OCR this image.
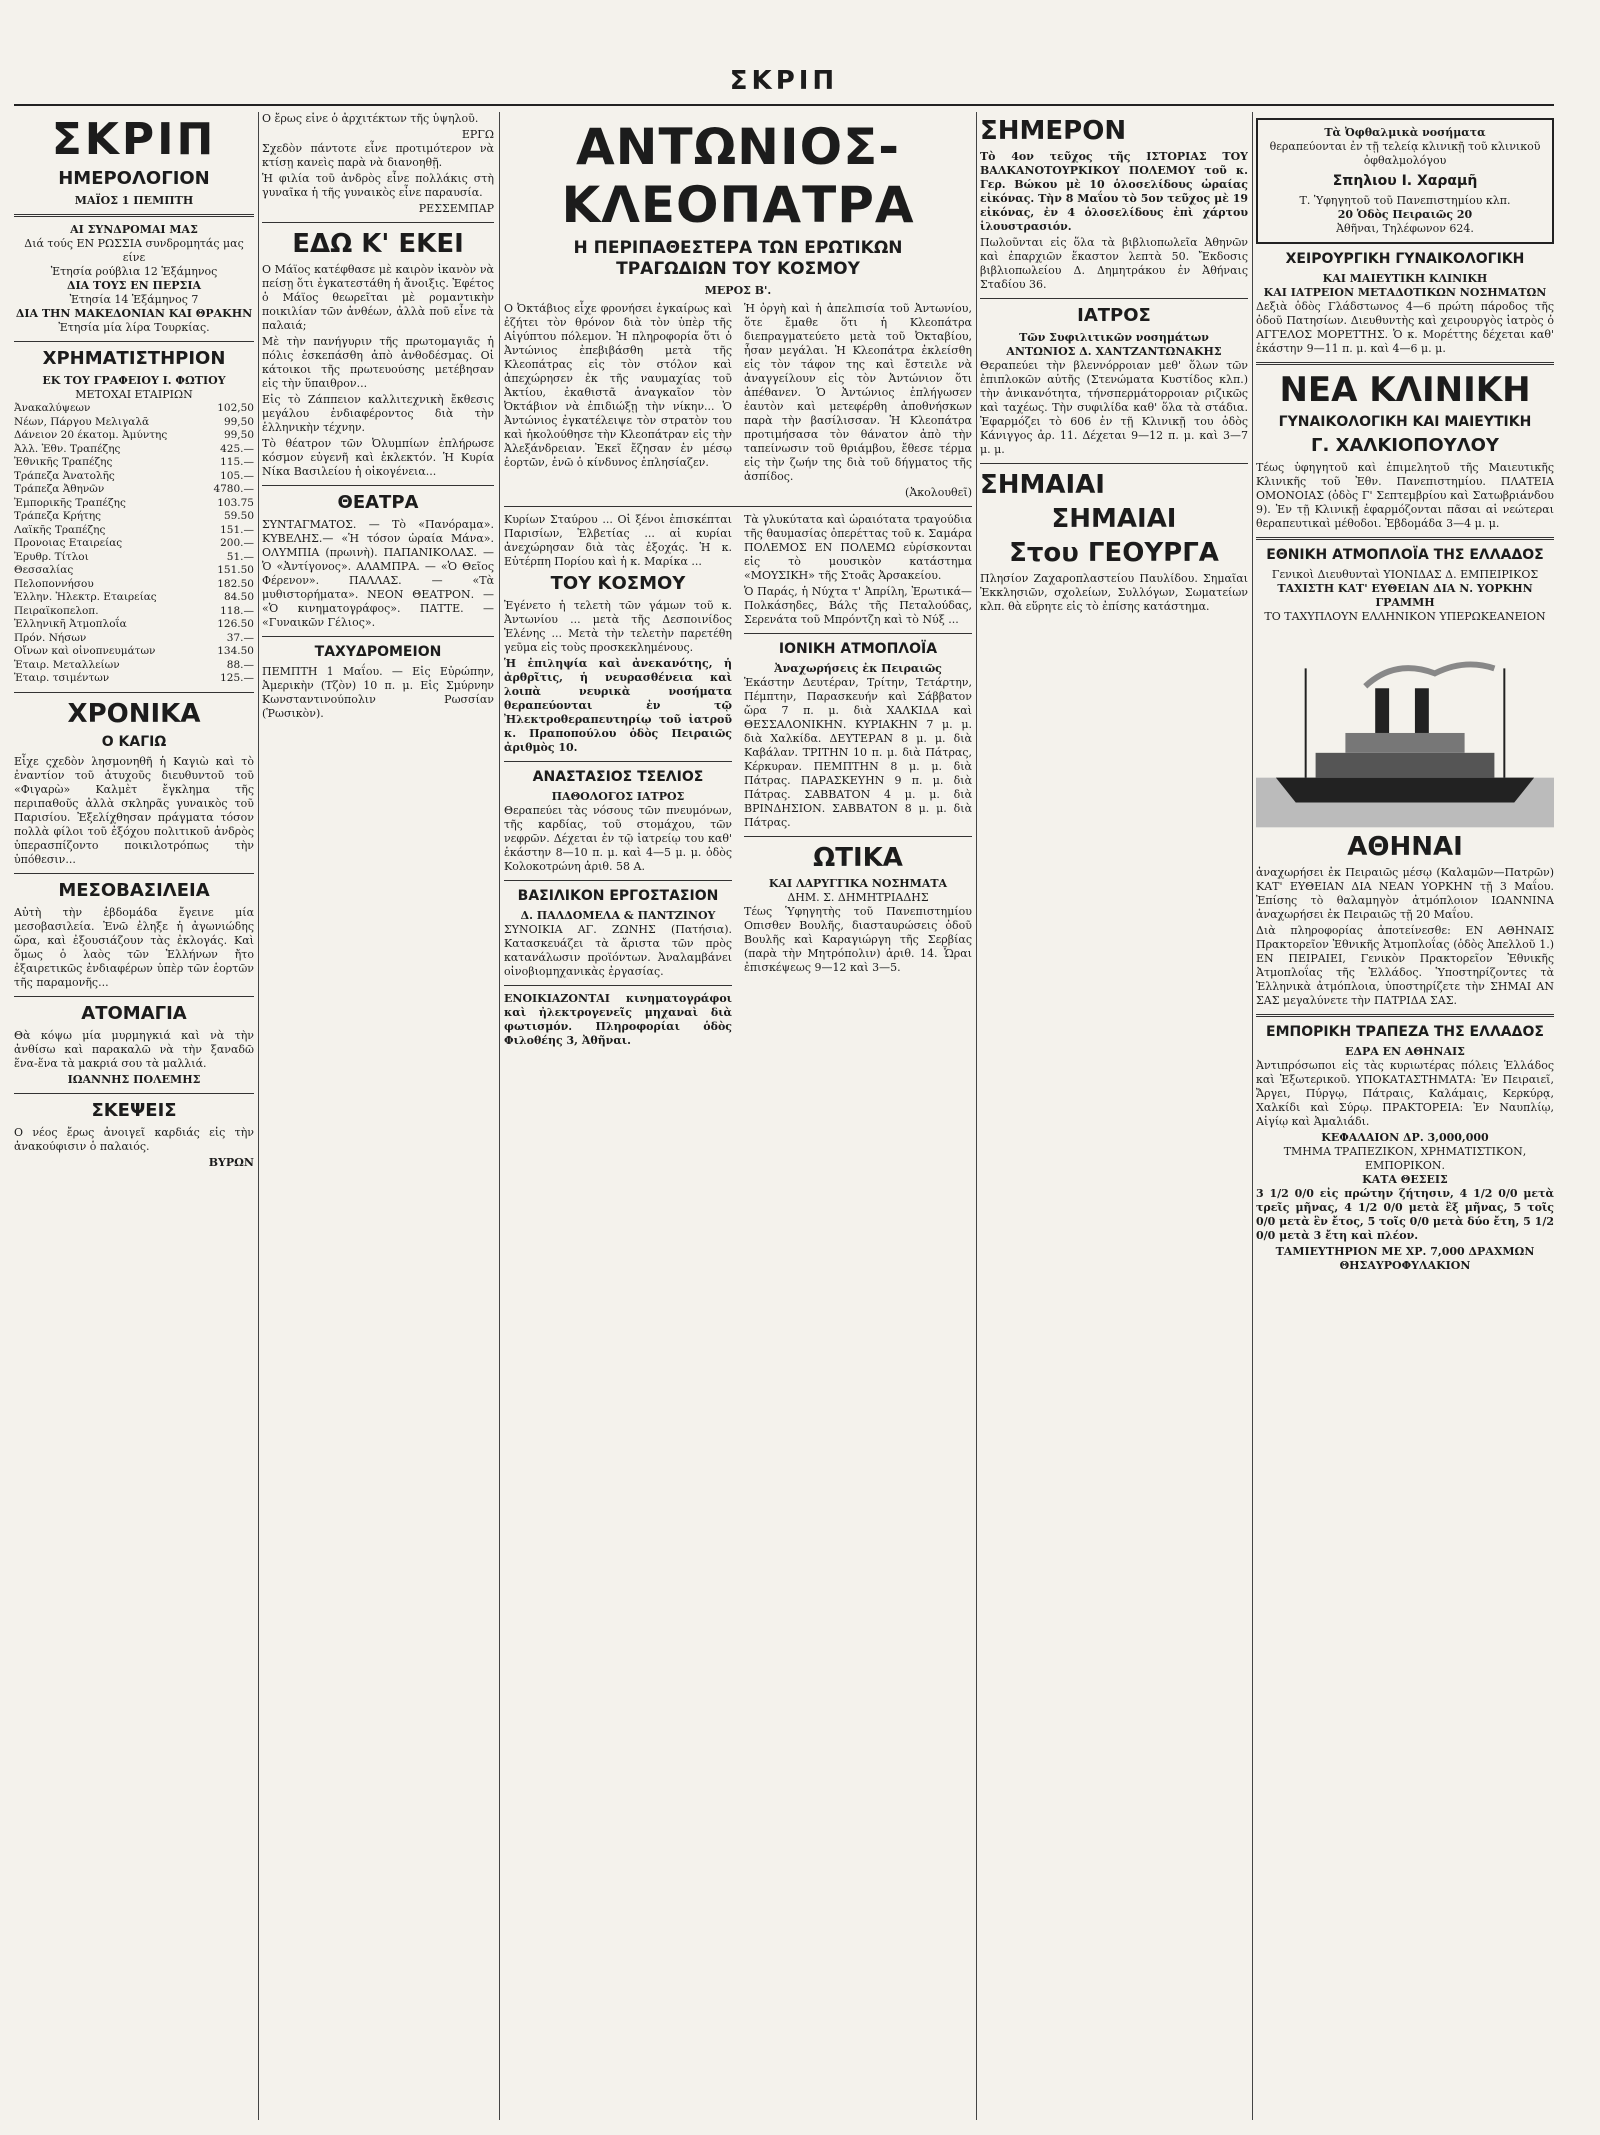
ΣΚΡΙΠ
ΣΚΡΙΠ
ΗΜΕΡΟΛΟΓΙΟΝ
ΜΑΪΟΣ 1 ΠΕΜΠΤΗ
ΑΙ ΣΥΝΔΡΟΜΑΙ ΜΑΣ
Διά τούς ΕΝ ΡΩΣΣΙΑ συνδρομητάς μας είνε
Ἐτησία ρούβλια 12 Ἑξάμηνος
ΔΙΑ ΤΟΥΣ ΕΝ ΠΕΡΣΙΑ
Ἐτησία 14 Ἑξάμηνος 7
ΔΙΑ ΤΗΝ ΜΑΚΕΔΟΝΙΑΝ ΚΑΙ ΘΡΑΚΗΝ
Ἐτησία μία λίρα Τουρκίας.
ΧΡΗΜΑΤΙΣΤΗΡΙΟΝ
ΕΚ ΤΟΥ ΓΡΑΦΕΙΟΥ Ι. ΦΩΤΙΟΥ
ΜΕΤΟΧΑΙ ΕΤΑΙΡΙΩΝ
Ἀνακαλύψεων	102,50
Νέων, Πάργου Μελιγαλᾶ	99,50
Δάνειον 20 έκατομ. Ἀμύντης	99,50
Ἀλλ. Ἐθν. Τραπέζης	425.—
Ἐθνικῆς Τραπέζης	115.—
Τράπεζα Ἀνατολῆς	105.—
Τράπεζα Ἀθηνῶν	4780.—
Ἐμπορικῆς Τραπέζης	103.75
Τράπεζα Κρήτης	59.50
Λαϊκῆς Τραπέζης	151.—
Προνοιας Εταιρείας	200.—
Ἐρυθρ. Τίτλοι	51.—
Θεσσαλίας	151.50
Πελοποννήσου	182.50
Ἑλλην. Ἠλεκτρ. Εταιρείας	84.50
Πειραϊκοπελοπ.	118.—
Ἑλληνικῆ Ἀτμοπλοΐα	126.50
Πρόν. Νήσων	37.—
Οἴνων καὶ οἰνοπνευμάτων	134.50
Ἑταιρ. Μεταλλείων	88.—
Ἑταιρ. τσιμέντων	125.—
ΧΡΟΝΙΚΑ
Ο ΚΑΓΙΩ

Εἶχε ςχεδὸν λησμονηθῆ ἡ Καγιὼ καὶ τὸ ἐναντίον τοῦ ἀτυχοῦς διευθυντοῦ τοῦ «Φιγαρὼ» Καλμὲτ ἔγκλημα τῆς περιπαθοῦς ἀλλὰ σκληρᾶς γυναικὸς τοῦ Παρισίου. Ἐξελίχθησαν πράγματα τόσον πολλὰ φίλοι τοῦ ἐξόχου πολιτικοῦ ἀνδρὸς ὑπερασπίζοντο ποικιλοτρόπως τὴν ὑπόθεσιν...

ΜΕΣΟΒΑΣΙΛΕΙΑ

Αὐτὴ τὴν ἑβδομάδα ἔγεινε μία μεσοβασιλεία. Ἐνῶ ἐληξε ἡ ἀγωνιώδης ὥρα, καὶ ἐξουσιάζουν τὰς ἐκλογάς. Καὶ ὅμως ὁ λαὸς τῶν Ἑλλήνων ἤτο ἐξαιρετικῶς ἐνδιαφέρων ὑπὲρ τῶν ἑορτῶν τῆς παραμονῆς...

ΑΤΟΜΑΓΙΑ

Θὰ κόψω μία μυρμηγκιά καὶ νὰ τὴν ἀνθίσω καὶ παρακαλῶ νὰ τὴν ξαναδῶ ἕνα-ἕνα τὰ μακριά σου τὰ μαλλιά.

ΙΩΑΝΝΗΣ ΠΟΛΕΜΗΣ
ΣΚΕΨΕΙΣ

Ο νέος ἔρως ἀνοιγεῖ καρδιάς εἰς τὴν ἀνακούφισιν ὁ παλαιός.

ΒΥΡΩΝ

Ο ἔρως εἶνε ὁ ἀρχιτέκτων τῆς ὑψηλοῦ.

ΕΡΓΩ

Σχεδὸν πάντοτε εἶνε προτιμότερον νὰ κτίσῃ κανεὶς παρὰ νὰ διανοηθῇ.

Ἡ φιλία τοῦ ἀνδρὸς εἶνε πολλάκις στὴ γυναῖκα ἡ τῆς γυναικὸς εἶνε παραυσία.

ΡΕΣΣΕΜΠΑΡ
ΕΔΩ Κ' ΕΚΕΙ

Ο Μάϊος κατέφθασε μὲ καιρὸν ἱκανὸν νὰ πείσῃ ὅτι ἐγκατεστάθη ἡ ἄνοιξις. Ἐφέτος ὁ Μάϊος θεωρεῖται μὲ ρομαντικὴν ποικιλίαν τῶν ἀνθέων, ἀλλὰ ποῦ εἶνε τὰ παλαιά;

Μὲ τὴν πανήγυριν τῆς πρωτομαγιᾶς ἡ πόλις ἐσκεπάσθη ἀπὸ ἀνθοδέσμας. Οἱ κάτοικοι τῆς πρωτευούσης μετέβησαν εἰς τὴν ὕπαιθρον...

Εἰς τὸ Ζάππειον καλλιτεχνικὴ ἔκθεσις μεγάλου ἐνδιαφέροντος διὰ τὴν ἑλληνικὴν τέχνην.

Τὸ θέατρον τῶν Ὀλυμπίων ἐπλήρωσε κόσμον εὐγενῆ καὶ ἐκλεκτόν. Ἡ Κυρία Νίκα Βασιλείου ἡ οἰκογένεια...

ΘΕΑΤΡΑ

ΣΥΝΤΑΓΜΑΤΟΣ. — Τὸ «Πανόραμα». ΚΥΒΕΛΗΣ.— «Ἡ τόσον ὠραία Μάνα». ΟΛΥΜΠΙΑ (πρωινὴ). ΠΑΠΑΝΙΚΟΛΑΣ. — Ὁ «Ἀντίγονος». ΑΛΑΜΠΡΑ. — «Ὁ Θεῖος Φέρενον». ΠΑΛΛΑΣ. — «Τὰ μυθιστορήματα». ΝΕΟΝ ΘΕΑΤΡΟΝ. — «Ὁ κινηματογράφος». ΠΑΤΤΕ. — «Γυναικῶν Γέλιος».

ΤΑΧΥΔΡΟΜΕΙΟΝ

ΠΕΜΠΤΗ 1 Μαΐου. — Εἰς Εὐρώπην, Ἀμερικὴν (Τζὸν) 10 π. μ. Εἰς Σμύρνην Κωνσταντινούπολιν Ρωσσίαν (Ῥωσικὸν).

ΑΝΤΩΝΙΟΣ-ΚΛΕΟΠΑΤΡΑ
Η ΠΕΡΙΠΑΘΕΣΤΕΡΑ ΤΩΝ ΕΡΩΤΙΚΩΝ
ΤΡΑΓΩΔΙΩΝ ΤΟΥ ΚΟΣΜΟΥ
ΜΕΡΟΣ Β'.

Ο Ὀκτάβιος εἶχε φρονήσει ἐγκαίρως καὶ ἐζήτει τὸν θρόνον διὰ τὸν ὑπὲρ τῆς Αἰγύπτου πόλεμον. Ἡ πληροφορία ὅτι ὁ Ἀντώνιος ἐπεβιβάσθη μετὰ τῆς Κλεοπάτρας εἰς τὸν στόλον καὶ ἀπεχώρησεν ἐκ τῆς ναυμαχίας τοῦ Ἀκτίου, ἐκαθιστᾶ ἀναγκαῖον τὸν Ὀκτάβιον νὰ ἐπιδιώξῃ τὴν νίκην... Ὁ Ἀντώνιος ἐγκατέλειψε τὸν στρατὸν του καὶ ἠκολούθησε τὴν Κλεοπάτραν εἰς τὴν Ἀλεξάνδρειαν. Ἐκεῖ ἔζησαν ἐν μέσῳ ἑορτῶν, ἐνῶ ὁ κίνδυνος ἐπλησίαζεν.

Ἡ ὀργὴ καὶ ἡ ἀπελπισία τοῦ Ἀντωνίου, ὅτε ἔμαθε ὅτι ἡ Κλεοπάτρα διεπραγματεύετο μετὰ τοῦ Ὀκταβίου, ἦσαν μεγάλαι. Ἡ Κλεοπάτρα ἐκλείσθη εἰς τὸν τάφον της καὶ ἔστειλε νὰ ἀναγγείλουν εἰς τὸν Ἀντώνιον ὅτι ἀπέθανεν. Ὁ Ἀντώνιος ἐπλήγωσεν ἑαυτὸν καὶ μετεφέρθη ἀποθνήσκων παρὰ τὴν βασίλισσαν. Ἡ Κλεοπάτρα προτιμήσασα τὸν θάνατον ἀπὸ τὴν ταπείνωσιν τοῦ θριάμβου, ἔθεσε τέρμα εἰς τὴν ζωήν της διὰ τοῦ δήγματος τῆς ἀσπίδος.

(Ἀκολουθεῖ)

Κυρίων Σταύρου ... Οἱ ξένοι ἐπισκέπται Παρισίων, Ἑλβετίας ... αἱ κυρίαι ἀνεχώρησαν διὰ τὰς ἐξοχάς. Ἡ κ. Εὐτέρπη Πορίου καὶ ἡ κ. Μαρίκα ...

ΤΟΥ ΚΟΣΜΟΥ

Ἐγένετο ἡ τελετὴ τῶν γάμων τοῦ κ. Ἀντωνίου ... μετὰ τῆς Δεσποινίδος Ἑλένης ... Μετὰ τὴν τελετὴν παρετέθη γεῦμα εἰς τοὺς προσκεκλημένους.

Ἡ ἐπιληψία καὶ ἀνεκανότης, ἡ ἀρθρῖτις, ἡ νευρασθένεια καὶ λοιπὰ νευρικὰ νοσήματα θεραπεύονται ἐν τῷ Ἠλεκτροθεραπευτηρίῳ τοῦ ἰατροῦ κ. Πραποπούλου ὁδὸς Πειραιῶς ἀριθμὸς 10.

ΑΝΑΣΤΑΣΙΟΣ ΤΣΕΛΙΟΣ
ΠΑΘΟΛΟΓΟΣ ΙΑΤΡΟΣ

Θεραπεύει τὰς νόσους τῶν πνευμόνων, τῆς καρδίας, τοῦ στομάχου, τῶν νεφρῶν. Δέχεται ἐν τῷ ἰατρείῳ του καθ' ἑκάστην 8—10 π. μ. καὶ 4—5 μ. μ. ὁδὸς Κολοκοτρώνη ἀριθ. 58 Α.

ΒΑΣΙΛΙΚΟΝ ΕΡΓΟΣΤΑΣΙΟΝ
Δ. ΠΑΛΔΟΜΕΛΑ & ΠΑΝΤΖΙΝΟΥ

ΣΥΝΟΙΚΙΑ ΑΓ. ΖΩΝΗΣ (Πατήσια). Κατασκευάζει τὰ ἄριστα τῶν πρὸς κατανάλωσιν προϊόντων. Ἀναλαμβάνει οἰνοβιομηχανικὰς ἐργασίας.

ΕΝΟΙΚΙΑΖΟΝΤΑΙ κινηματογράφοι καὶ ἠλεκτρογενεῖς μηχαναὶ διὰ φωτισμόν. Πληροφορίαι ὁδὸς Φιλοθέης 3, Ἀθῆναι.

Τὰ γλυκύτατα καὶ ὡραιότατα τραγούδια τῆς θαυμασίας ὀπερέττας τοῦ κ. Σαμάρα ΠΟΛΕΜΟΣ ΕΝ ΠΟΛΕΜΩ εὑρίσκονται εἰς τὸ μουσικὸν κατάστημα «ΜΟΥΣΙΚΗ» τῆς Στοᾶς Ἀρσακείου.

Ὁ Παράς, ἡ Νύχτα τ' Ἀπρίλη, Ἐρωτικά—Πολκάσηδες, Βάλς τῆς Πεταλούδας, Σερενάτα τοῦ Μπρόντζη καὶ τὸ Νύξ ...

ΙΟΝΙΚΗ ΑΤΜΟΠΛΟΪΑ
Ἀναχωρήσεις ἐκ Πειραιῶς

Ἑκάστην Δευτέραν, Τρίτην, Τετάρτην, Πέμπτην, Παρασκευήν καὶ Σάββατον ὥρα 7 π. μ. διὰ ΧΑΛΚΙΔΑ καὶ ΘΕΣΣΑΛΟΝΙΚΗΝ. ΚΥΡΙΑΚΗΝ 7 μ. μ. διὰ Χαλκίδα. ΔΕΥΤΕΡΑΝ 8 μ. μ. διὰ Καβάλαν. ΤΡΙΤΗΝ 10 π. μ. διὰ Πάτρας, Κέρκυραν. ΠΕΜΠΤΗΝ 8 μ. μ. διὰ Πάτρας. ΠΑΡΑΣΚΕΥΗΝ 9 π. μ. διὰ Πάτρας. ΣΑΒΒΑΤΟΝ 4 μ. μ. διὰ ΒΡΙΝΔΗΣΙΟΝ. ΣΑΒΒΑΤΟΝ 8 μ. μ. διὰ Πάτρας.

ΩΤΙΚΑ
ΚΑΙ ΛΑΡΥΓΓΙΚΑ ΝΟΣΗΜΑΤΑ
ΔΗΜ. Σ. ΔΗΜΗΤΡΙΑΔΗΣ

Τέως Ὑφηγητὴς τοῦ Πανεπιστημίου Οπισθεν Βουλῆς, διασταυρώσεις ὁδοῦ Βουλῆς καὶ Καραγιώργη τῆς Σερβίας (παρὰ τὴν Μητρόπολιν) ἀριθ. 14. Ὧραι ἐπισκέψεως 9—12 καὶ 3—5.

ΣΗΜΕΡΟΝ

Τὸ 4ον τεῦχος τῆς ΙΣΤΟΡΙΑΣ ΤΟΥ ΒΑΛΚΑΝΟΤΟΥΡΚΙΚΟΥ ΠΟΛΕΜΟΥ τοῦ κ. Γερ. Βώκου μὲ 10 ὁλοσελίδους ὡραίας εἰκόνας. Τὴν 8 Μαΐου τὸ 5ον τεῦχος μὲ 19 εἰκόνας, ἐν 4 ὁλοσελίδους ἐπὶ χάρτου ἱλουστρασιόν.

Πωλοῦνται εἰς ὅλα τὰ βιβλιοπωλεῖα Ἀθηνῶν καὶ ἐπαρχιῶν ἕκαστον λεπτὰ 50. Ἔκδοσις βιβλιοπωλείου Δ. Δημητράκου ἐν Ἀθήναις Σταδίου 36.

ΙΑΤΡΟΣ
Τῶν Συφιλιτικῶν νοσημάτων
ΑΝΤΩΝΙΟΣ Δ. ΧΑΝΤΖΑΝΤΩΝΑΚΗΣ

Θεραπεύει τὴν βλεννόρροιαν μεθ' ὅλων τῶν ἐπιπλοκῶν αὐτῆς (Στενώματα Κυστίδος κλπ.) τὴν ἀνικανότητα, τήνσπερμάτορροιαν ριζικῶς καὶ ταχέως. Τὴν συφιλίδα καθ' ὅλα τὰ στάδια. Ἐφαρμόζει τὸ 606 ἐν τῇ Κλινικῇ του ὁδὸς Κάνιγγος ἀρ. 11. Δέχεται 9—12 π. μ. καὶ 3—7 μ. μ.

ΣΗΜΑΙΑΙ
ΣΗΜΑΙΑΙ
Στου ΓΕΟΥΡΓΑ

Πλησίον Ζαχαροπλαστείου Παυλίδου. Σημαῖαι Ἐκκλησιῶν, σχολείων, Συλλόγων, Σωματείων κλπ. θὰ εὕρητε εἰς τὸ ἐπίσης κατάστημα.

Τὰ Ὀφθαλμικὰ νοσήματα
θεραπεύονται ἐν τῇ τελείᾳ κλινικῇ τοῦ κλινικοῦ ὀφθαλμολόγου
Σπηλιου Ι. Χαραμῆ
Τ. Ὑφηγητοῦ τοῦ Πανεπιστημίου κλπ.
20 Ὁδὸς Πειραιῶς 20
Ἀθῆναι, Τηλέφωνον 624.
ΧΕΙΡΟΥΡΓΙΚΗ ΓΥΝΑΙΚΟΛΟΓΙΚΗ
ΚΑΙ ΜΑΙΕΥΤΙΚΗ ΚΛΙΝΙΚΗ
ΚΑΙ ΙΑΤΡΕΙΟΝ ΜΕΤΑΔΟΤΙΚΩΝ ΝΟΣΗΜΑΤΩΝ

Δεξιὰ ὁδὸς Γλάδστωνος 4—6 πρώτη πάροδος τῆς ὁδοῦ Πατησίων. Διευθυντὴς καὶ χειρουργὸς ἰατρὸς ὁ ΑΓΓΕΛΟΣ ΜΟΡΕΤΤΗΣ. Ὁ κ. Μορέττης δέχεται καθ' ἑκάστην 9—11 π. μ. καὶ 4—6 μ. μ.

ΝΕΑ ΚΛΙΝΙΚΗ
ΓΥΝΑΙΚΟΛΟΓΙΚΗ ΚΑΙ ΜΑΙΕΥΤΙΚΗ
Γ. ΧΑΛΚΙΟΠΟΥΛΟΥ

Τέως ὑφηγητοῦ καὶ ἐπιμελητοῦ τῆς Μαιευτικῆς Κλινικῆς τοῦ Ἐθν. Πανεπιστημίου. ΠΛΑΤΕΙΑ ΟΜΟΝΟΙΑΣ (ὁδὸς Γ' Σεπτεμβρίου καὶ Σατωβριάνδου 9). Ἐν τῇ Κλινικῇ ἐφαρμόζονται πᾶσαι αἱ νεώτεραι θεραπευτικαὶ μέθοδοι. Ἐβδομάδα 3—4 μ. μ.

ΕΘΝΙΚΗ ΑΤΜΟΠΛΟΪΑ ΤΗΣ ΕΛΛΑΔΟΣ
Γενικοὶ Διευθυνταὶ ΥΙΟΝΙΔΑΣ Δ. ΕΜΠΕΙΡΙΚΟΣ
ΤΑΧΙΣΤΗ ΚΑΤ' ΕΥΘΕΙΑΝ ΔΙΑ Ν. ΥΟΡΚΗΝ ΓΡΑΜΜΗ
ΤΟ ΤΑΧΥΠΛΟΥΝ ΕΛΛΗΝΙΚΟΝ ΥΠΕΡΩΚΕΑΝΕΙΟΝ
ΑΘΗΝΑΙ

ἀναχωρήσει ἐκ Πειραιῶς μέσῳ (Καλαμῶν—Πατρῶν) ΚΑΤ' ΕΥΘΕΙΑΝ ΔΙΑ ΝΕΑΝ ΥΟΡΚΗΝ τῇ 3 Μαΐου. Ἐπίσης τὸ θαλαμηγὸν ἀτμόπλοιον ΙΩΑΝΝΙΝΑ ἀναχωρήσει ἐκ Πειραιῶς τῇ 20 Μαΐου.

Διὰ πληροφορίας ἀποτείνεσθε: ΕΝ ΑΘΗΝΑΙΣ Πρακτορεῖον Ἐθνικῆς Ἀτμοπλοΐας (ὁδὸς Ἀπελλοῦ 1.) ΕΝ ΠΕΙΡΑΙΕΙ, Γενικὸν Πρακτορεῖον Ἐθνικῆς Ἀτμοπλοΐας τῆς Ἑλλάδος. Ὑποστηρίζοντες τὰ Ἑλληνικὰ ἀτμόπλοια, ὑποστηρίζετε τὴν ΣΗΜΑΙ ΑΝ ΣΑΣ μεγαλύνετε τὴν ΠΑΤΡΙΔΑ ΣΑΣ.

ΕΜΠΟΡΙΚΗ ΤΡΑΠΕΖΑ ΤΗΣ ΕΛΛΑΔΟΣ
ΕΔΡΑ ΕΝ ΑΘΗΝΑΙΣ

Ἀντιπρόσωποι εἰς τὰς κυριωτέρας πόλεις Ἑλλάδος καὶ Ἐξωτερικοῦ. ΥΠΟΚΑΤΑΣΤΗΜΑΤΑ: Ἐν Πειραιεῖ, Ἄργει, Πύργῳ, Πάτραις, Καλάμαις, Κερκύρᾳ, Χαλκίδι καὶ Σύρῳ. ΠΡΑΚΤΟΡΕΙΑ: Ἐν Ναυπλίῳ, Αἰγίῳ καὶ Ἀμαλιάδι.

ΚΕΦΑΛΑΙΟΝ ΔΡ. 3,000,000
ΤΜΗΜΑ ΤΡΑΠΕΖΙΚΟΝ, ΧΡΗΜΑΤΙΣΤΙΚΟΝ, ΕΜΠΟΡΙΚΟΝ.
ΚΑΤΑ ΘΕΣΕΙΣ

3 1/2 0/0 εἰς πρώτην ζήτησιν, 4 1/2 0/0 μετὰ τρεῖς μῆνας, 4 1/2 0/0 μετὰ ἓξ μῆνας, 5 τοῖς 0/0 μετὰ ἓν ἔτος, 5 τοῖς 0/0 μετὰ δύο ἔτη, 5 1/2 0/0 μετὰ 3 ἔτη καὶ πλέον.

ΤΑΜΙΕΥΤΗΡΙΟΝ ΜΕ ΧΡ. 7,000 ΔΡΑΧΜΩΝ
ΘΗΣΑΥΡΟΦΥΛΑΚΙΟΝ
